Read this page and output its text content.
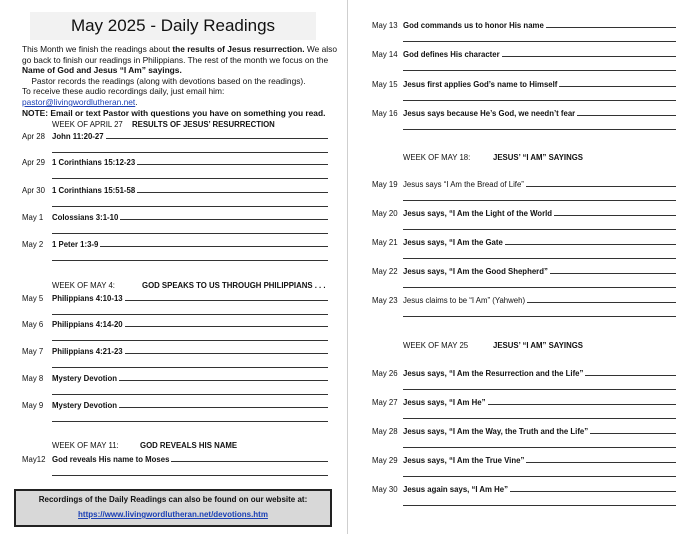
May 2025 - Daily Readings
This Month we finish the readings about the results of Jesus resurrection. We also go back to finish our readings in Philippians. The rest of the month we focus on the Name of God and Jesus “I Am” sayings.
Pastor records the readings (along with devotions based on the readings).
To receive these audio recordings daily, just email him: pastor@livingwordlutheran.net.
NOTE: Email or text Pastor with questions you have on something you read.
WEEK OF APRIL 27 RESULTS OF JESUS’ RESURRECTION
WEEK OF MAY 4:	GOD SPEAKS TO US THROUGH PHILIPPIANS . . .
WEEK OF MAY 11:	GOD REVEALS HIS NAME
Apr 28 John 11:20-27
Apr 29 1 Corinthians 15:12-23
Apr 30 1 Corinthians 15:51-58
May 1	Colossians 3:1-10
May 2	1 Peter 1:3-9
May 5	Philippians 4:10-13
May 6	Philippians 4:14-20
May 7	Philippians 4:21-23
May 8	Mystery Devotion
May 9	Mystery Devotion
May12 God reveals His name to Moses
WEEK OF MAY 18:	JESUS’ “I AM” SAYINGS
WEEK OF MAY 25	JESUS’ “I AM” SAYINGS
May 13 God commands us to honor His name
May 14 God defines His character
May 15 Jesus first applies God’s name to Himself
May 16 Jesus says because He’s God, we needn’t fear
May 19 Jesus says “I Am the Bread of Life”
May 20 Jesus says, “I Am the Light of the World
May 21 Jesus says, “I Am the Gate
May 22 Jesus says, “I Am the Good Shepherd”
May 23 Jesus claims to be “I Am” (Yahweh)
May 26 Jesus says, “I Am the Resurrection and the Life”
May 27 Jesus says, “I Am He”
May 28 Jesus says, “I Am the Way, the Truth and the Life”
May 29 Jesus says, “I Am the True Vine”
May 30 Jesus again says, “I Am He”
Recordings of the Daily Readings can also be found on our website at:
https://www.livingwordlutheran.net/devotions.htm
